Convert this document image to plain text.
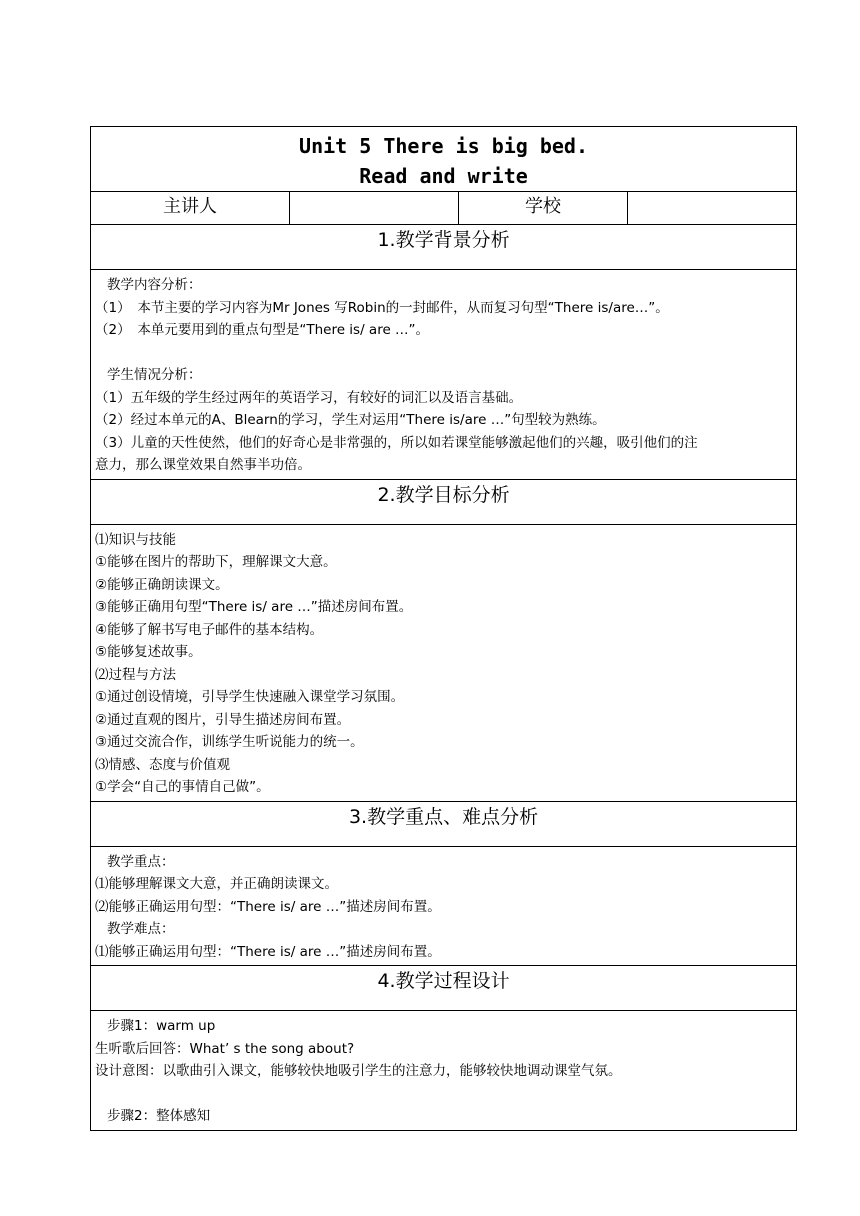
Unit 5 There is big bed.
Read and write

主讲人		学校	
1.教学背景分析

教学内容分析：
（1）　本节主要的学习内容为Mr Jones 写Robin的一封邮件，从而复习句型“There is/are…”。
（2）　本单元要用到的重点句型是“There is/ are …”。
学生情况分析：
（1）五年级的学生经过两年的英语学习，有较好的词汇以及语言基础。
（2）经过本单元的A、Blearn的学习，学生对运用“There is/are …”句型较为熟练。
（3）儿童的天性使然，他们的好奇心是非常强的，所以如若课堂能够激起他们的兴趣，吸引他们的注
意力，那么课堂效果自然事半功倍。

2.教学目标分析

⑴知识与技能
①能够在图片的帮助下，理解课文大意。
②能够正确朗读课文。
③能够正确用句型“There is/ are …”描述房间布置。
④能够了解书写电子邮件的基本结构。
⑤能够复述故事。
⑵过程与方法
①通过创设情境，引导学生快速融入课堂学习氛围。
②通过直观的图片，引导生描述房间布置。
③通过交流合作，训练学生听说能力的统一。
⑶情感、态度与价值观
①学会“自己的事情自己做”。

3.教学重点、难点分析

教学重点：
⑴能够理解课文大意，并正确朗读课文。
⑵能够正确运用句型：“There is/ are …”描述房间布置。
教学难点：
⑴能够正确运用句型：“There is/ are …”描述房间布置。

4.教学过程设计

步骤1：warm up
生听歌后回答：What’ s the song about?
设计意图：以歌曲引入课文，能够较快地吸引学生的注意力，能够较快地调动课堂气氛。
步骤2：整体感知
